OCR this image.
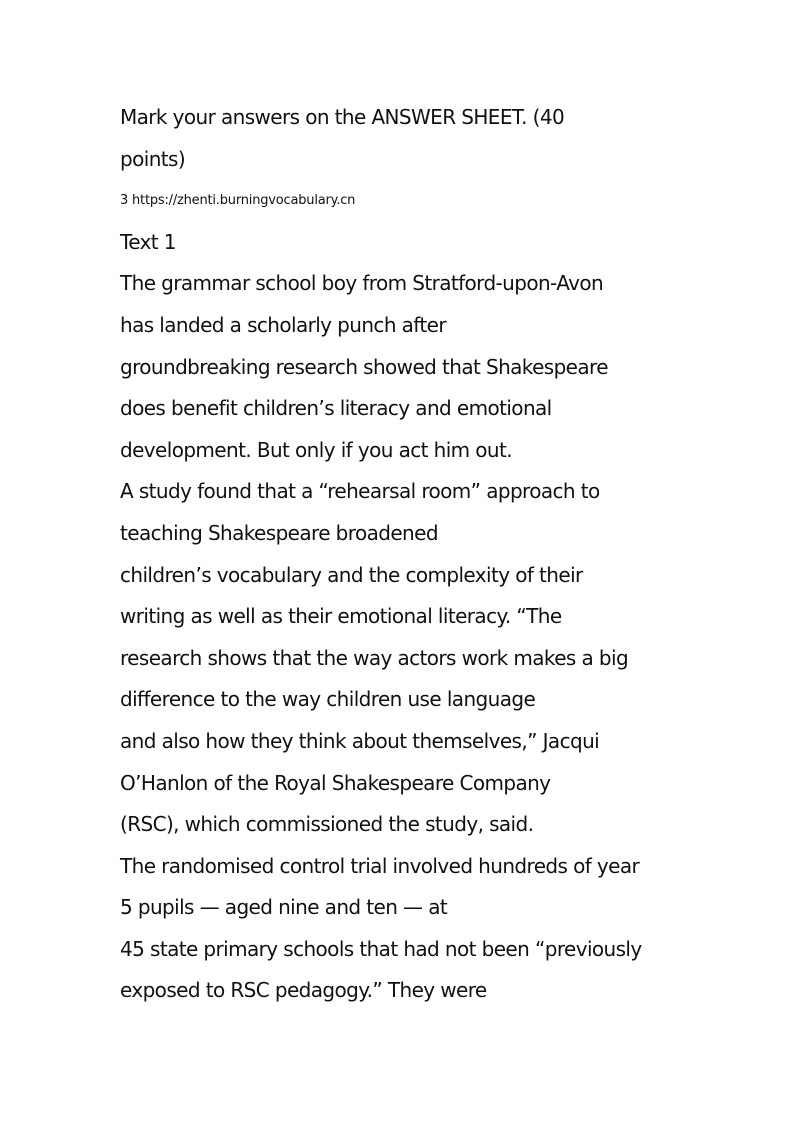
Mark your answers on the ANSWER SHEET. (40
points)
3 https://zhenti.burningvocabulary.cn
Text 1
The grammar school boy from Stratford-upon-Avon
has landed a scholarly punch after
groundbreaking research showed that Shakespeare
does benefit children’s literacy and emotional
development. But only if you act him out.
A study found that a “rehearsal room” approach to
teaching Shakespeare broadened
children’s vocabulary and the complexity of their
writing as well as their emotional literacy. “The
research shows that the way actors work makes a big
difference to the way children use language
and also how they think about themselves,” Jacqui
O’Hanlon of the Royal Shakespeare Company
(RSC), which commissioned the study, said.
The randomised control trial involved hundreds of year
5 pupils — aged nine and ten — at
45 state primary schools that had not been “previously
exposed to RSC pedagogy.” They were
